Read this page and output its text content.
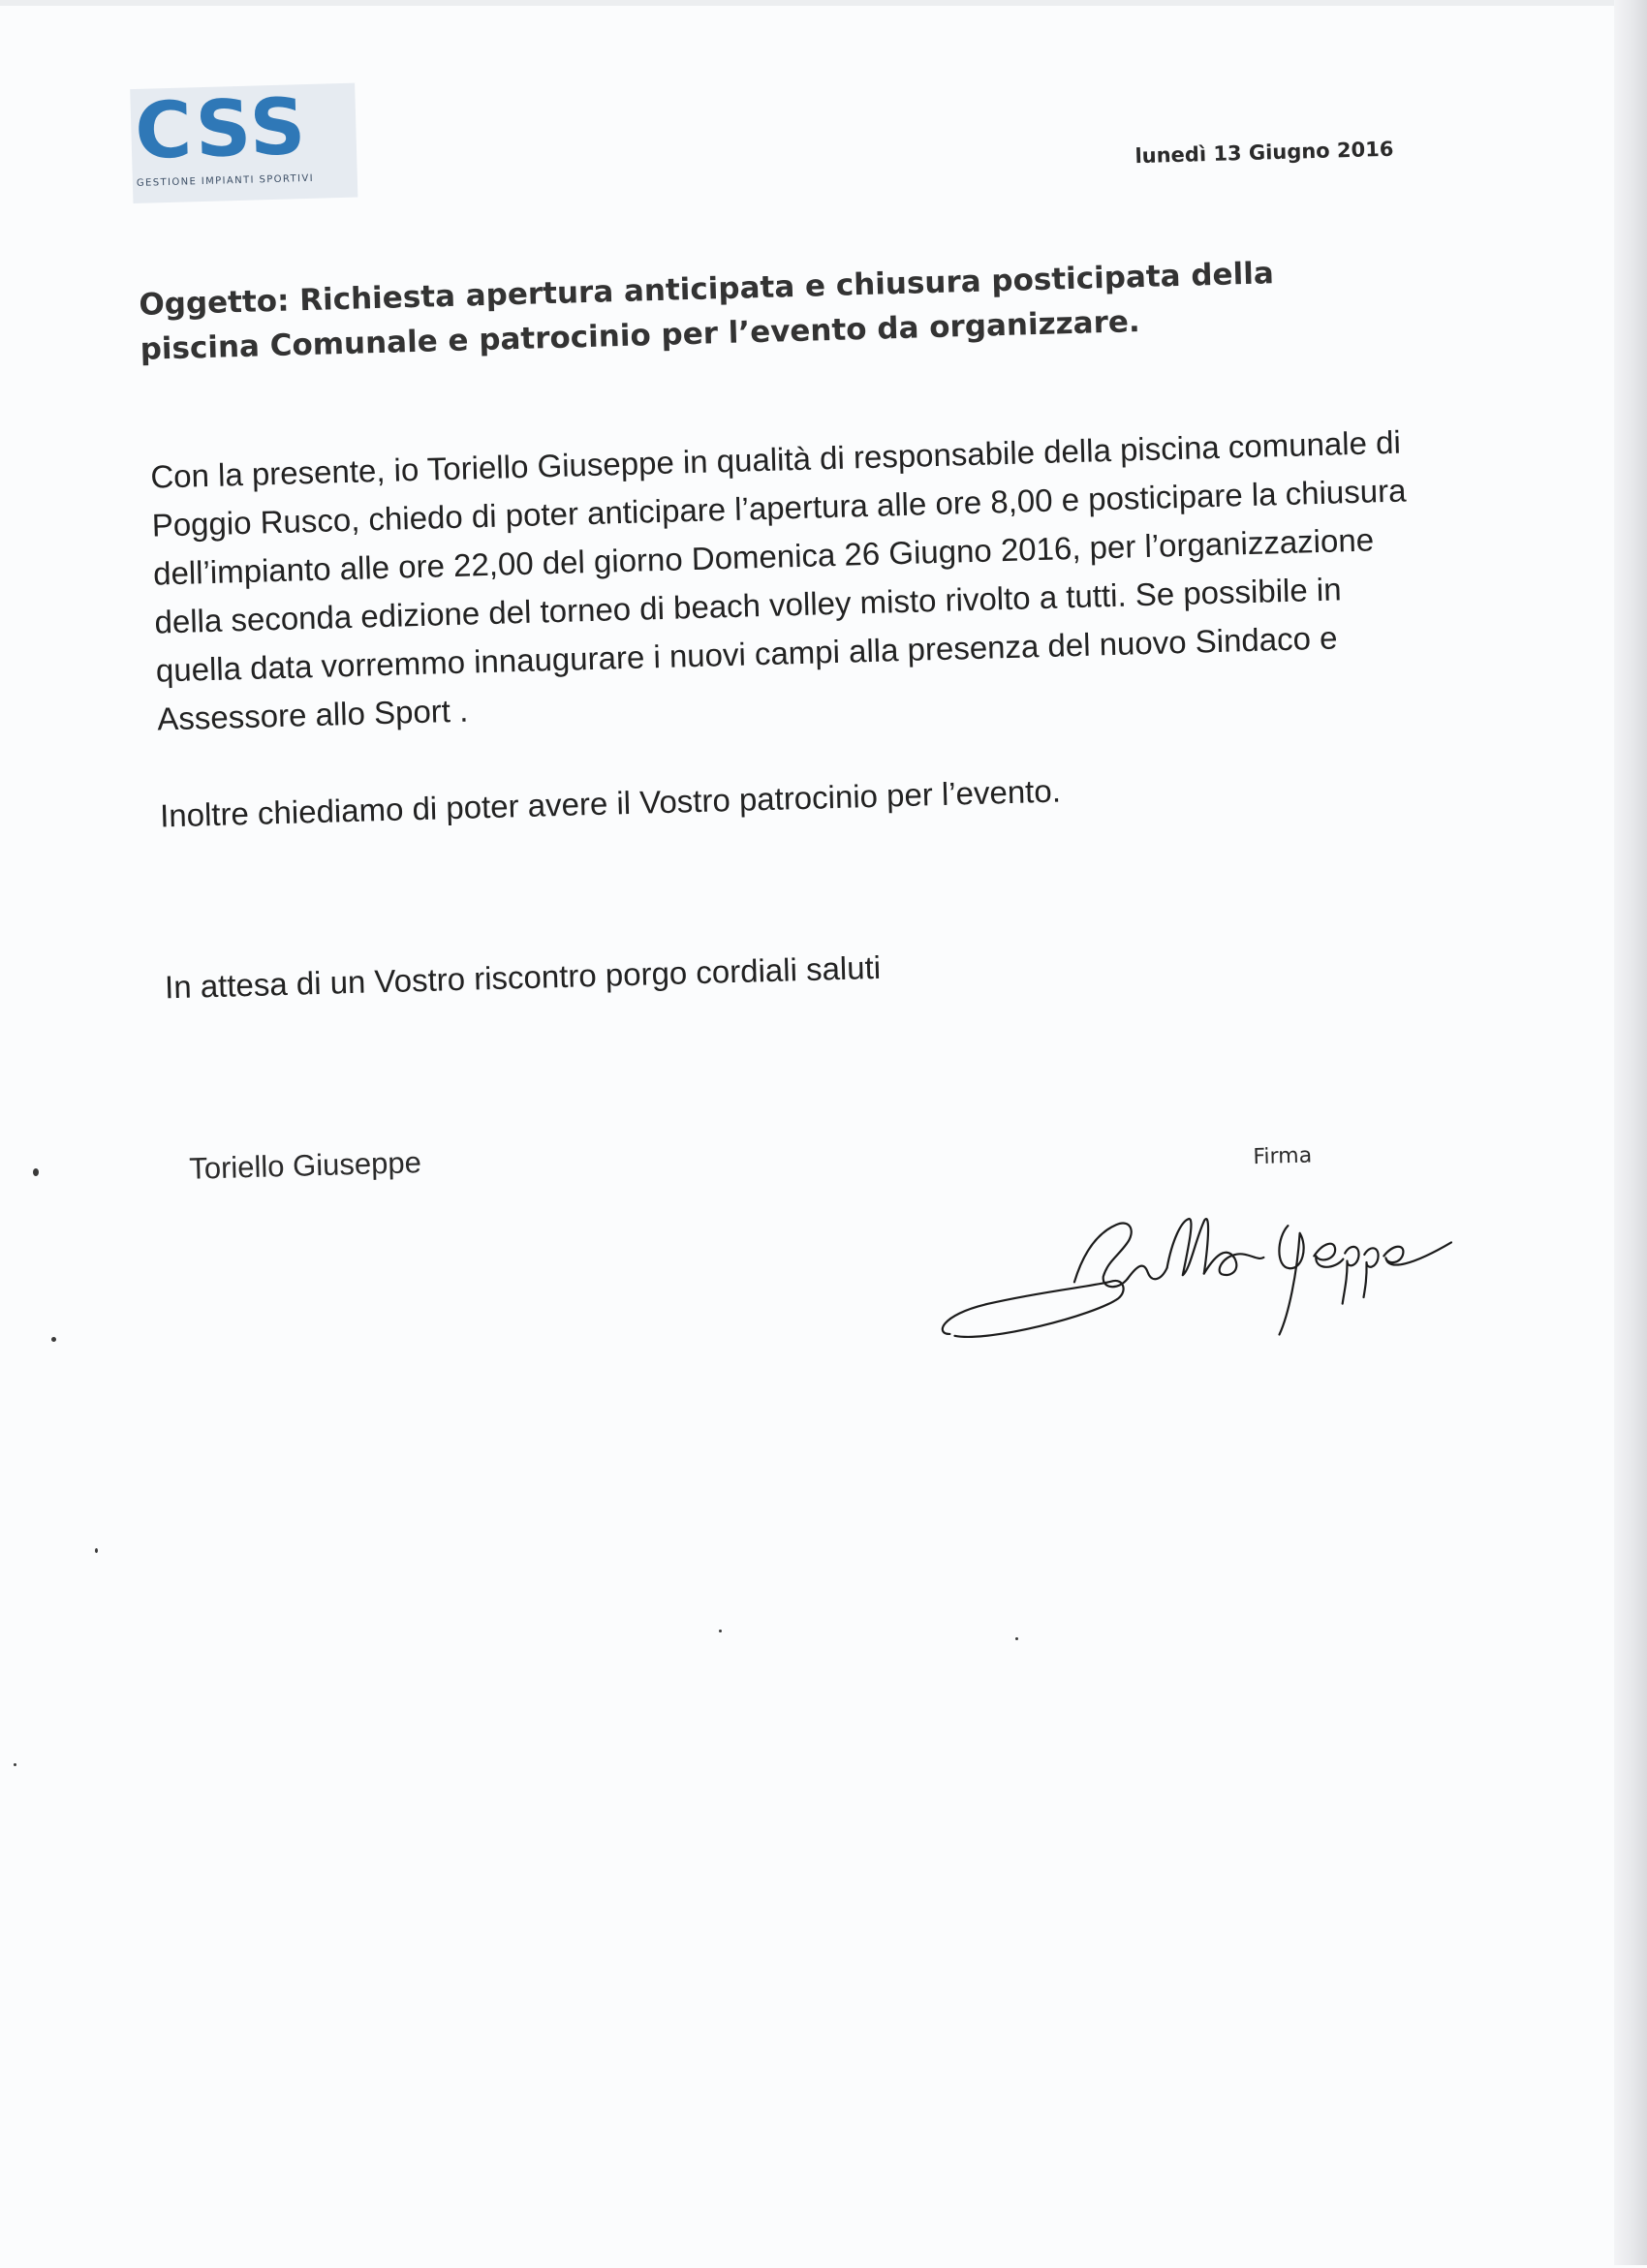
CSS
GESTIONE IMPIANTI SPORTIVI
lunedì 13 Giugno 2016
Oggetto: Richiesta apertura anticipata e chiusura posticipata della piscina Comunale e patrocinio per l’evento da organizzare.
Con la presente, io Toriello Giuseppe in qualità di responsabile della piscina comunale di Poggio Rusco, chiedo di poter anticipare l’apertura alle ore 8,00 e posticipare la chiusura dell’impianto alle ore 22,00 del giorno Domenica 26 Giugno 2016, per l’organizzazione della seconda edizione del torneo di beach volley misto rivolto a tutti. Se possibile in quella data vorremmo innaugurare i nuovi campi alla presenza del nuovo Sindaco e Assessore allo Sport .
Inoltre chiediamo di poter avere il Vostro patrocinio per l’evento.
In attesa di un Vostro riscontro porgo cordiali saluti
Toriello Giuseppe	Firma
